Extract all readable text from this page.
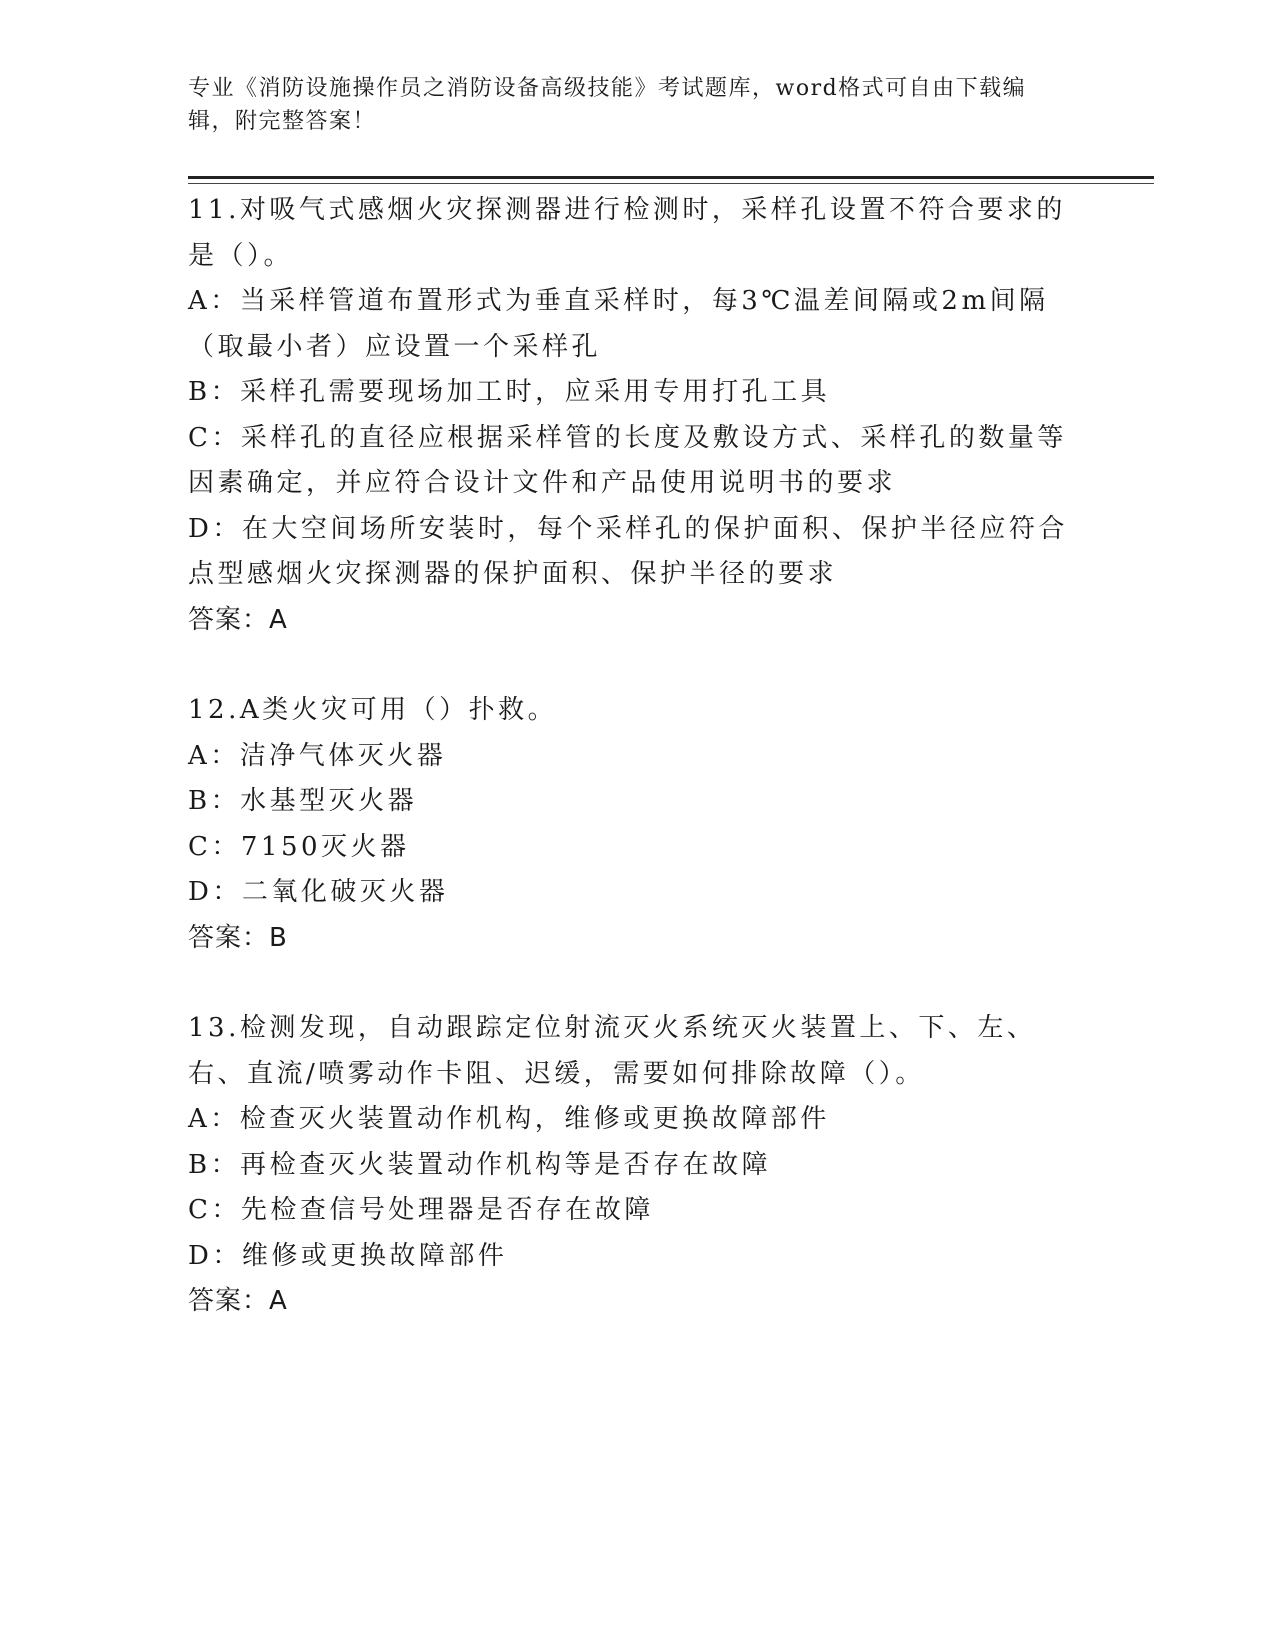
专业《消防设施操作员之消防设备高级技能》考试题库，word格式可自由下载编辑，附完整答案！
11.对吸气式感烟火灾探测器进行检测时，采样孔设置不符合要求的是（）。
A：当采样管道布置形式为垂直采样时，每3℃温差间隔或2m间隔（取最小者）应设置一个采样孔
B：采样孔需要现场加工时，应采用专用打孔工具
C：采样孔的直径应根据采样管的长度及敷设方式、采样孔的数量等因素确定，并应符合设计文件和产品使用说明书的要求
D：在大空间场所安装时，每个采样孔的保护面积、保护半径应符合点型感烟火灾探测器的保护面积、保护半径的要求
答案：A
12.A类火灾可用（）扑救。
A：洁净气体灭火器
B：水基型灭火器
C：7150灭火器
D：二氧化破灭火器
答案：B
13.检测发现，自动跟踪定位射流灭火系统灭火装置上、下、左、右、直流/喷雾动作卡阻、迟缓，需要如何排除故障（）。
A：检查灭火装置动作机构，维修或更换故障部件
B：再检查灭火装置动作机构等是否存在故障
C：先检查信号处理器是否存在故障
D：维修或更换故障部件
答案：A
